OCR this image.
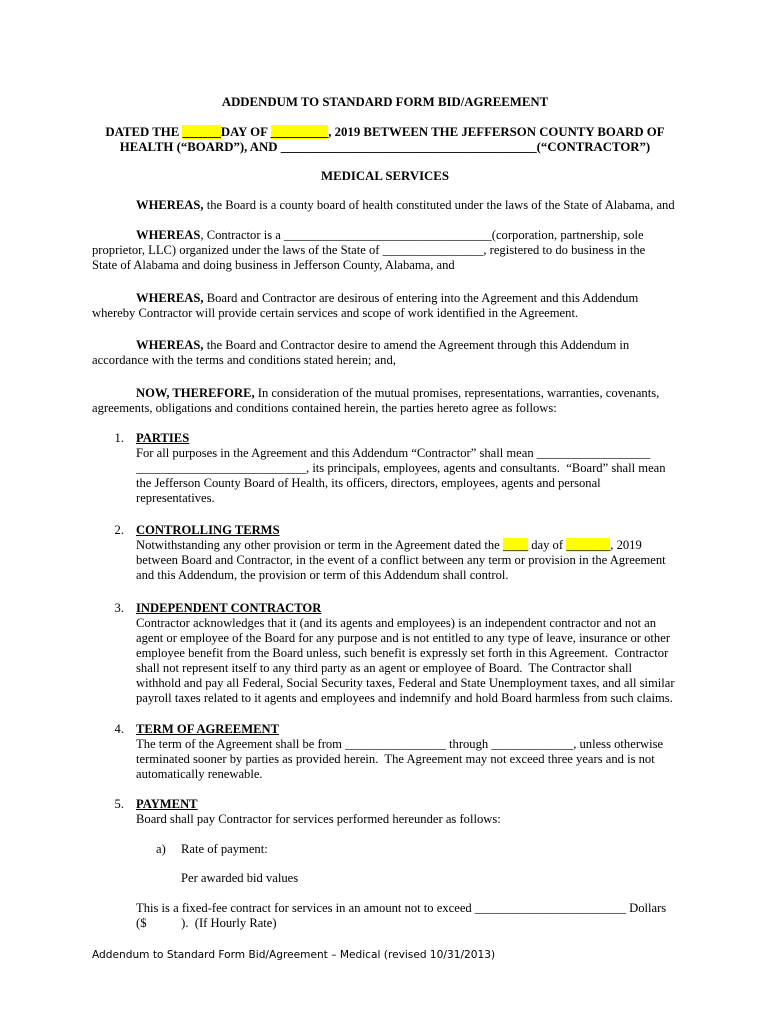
ADDENDUM TO STANDARD FORM BID/AGREEMENT
DATED THE ______DAY OF _________, 2019 BETWEEN THE JEFFERSON COUNTY BOARD OF
HEALTH (“BOARD”), AND ________________________________________(“CONTRACTOR”)
MEDICAL SERVICES
WHEREAS, the Board is a county board of health constituted under the laws of the State of Alabama, and
WHEREAS, Contractor is a _________________________________(corporation, partnership, sole
proprietor, LLC) organized under the laws of the State of ________________, registered to do business in the
State of Alabama and doing business in Jefferson County, Alabama, and
WHEREAS, Board and Contractor are desirous of entering into the Agreement and this Addendum
whereby Contractor will provide certain services and scope of work identified in the Agreement.
WHEREAS, the Board and Contractor desire to amend the Agreement through this Addendum in
accordance with the terms and conditions stated herein; and,
NOW, THEREFORE, In consideration of the mutual promises, representations, warranties, covenants,
agreements, obligations and conditions contained herein, the parties hereto agree as follows:
1. PARTIES
For all purposes in the Agreement and this Addendum “Contractor” shall mean __________________
___________________________, its principals, employees, agents and consultants.  “Board” shall mean
the Jefferson County Board of Health, its officers, directors, employees, agents and personal
representatives.
2. CONTROLLING TERMS
Notwithstanding any other provision or term in the Agreement dated the ____ day of _______, 2019
between Board and Contractor, in the event of a conflict between any term or provision in the Agreement
and this Addendum, the provision or term of this Addendum shall control.
3. INDEPENDENT CONTRACTOR
Contractor acknowledges that it (and its agents and employees) is an independent contractor and not an
agent or employee of the Board for any purpose and is not entitled to any type of leave, insurance or other
employee benefit from the Board unless, such benefit is expressly set forth in this Agreement.  Contractor
shall not represent itself to any third party as an agent or employee of Board.  The Contractor shall
withhold and pay all Federal, Social Security taxes, Federal and State Unemployment taxes, and all similar
payroll taxes related to it agents and employees and indemnify and hold Board harmless from such claims.
4. TERM OF AGREEMENT
The term of the Agreement shall be from ________________ through _____________, unless otherwise
terminated sooner by parties as provided herein.  The Agreement may not exceed three years and is not
automatically renewable.
5. PAYMENT
Board shall pay Contractor for services performed hereunder as follows:
a) Rate of payment:
Per awarded bid values
This is a fixed-fee contract for services in an amount not to exceed ________________________ Dollars
($           ).  (If Hourly Rate)
Addendum to Standard Form Bid/Agreement – Medical (revised 10/31/2013)
